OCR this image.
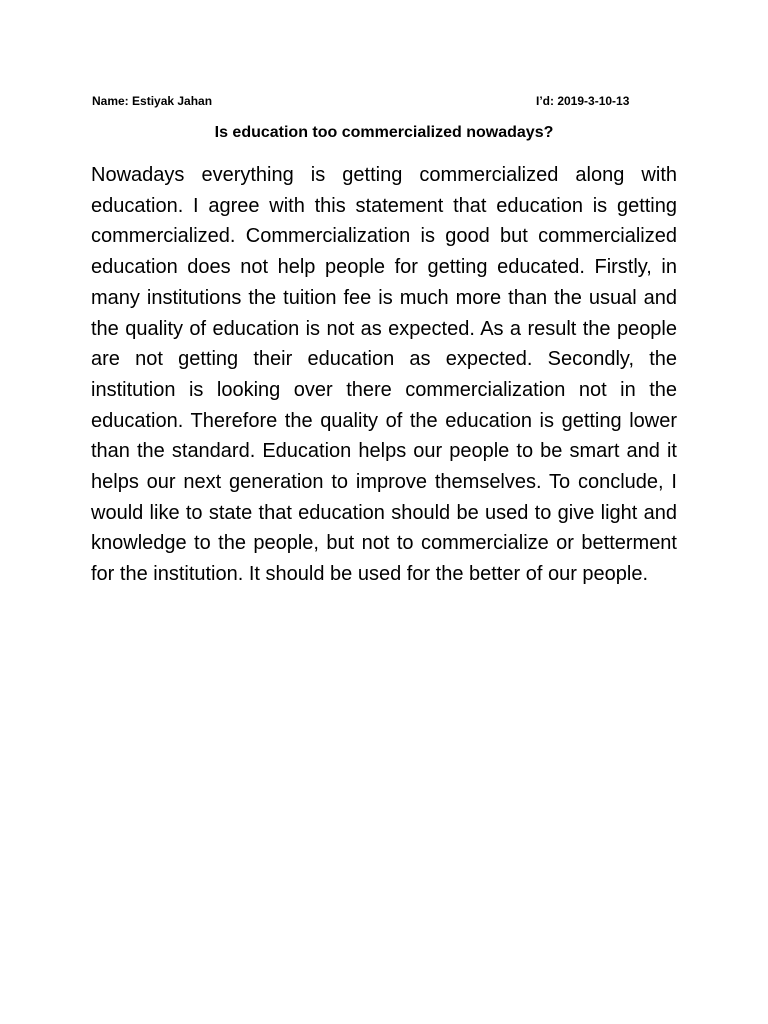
Name: Estiyak Jahan	I’d: 2019-3-10-13
Is education too commercialized nowadays?

Nowadays everything is getting commercialized along with education. I agree with this statement that education is getting commercialized. Commercialization is good but commercialized education does not help people for getting educated. Firstly, in many institutions the tuition fee is much more than the usual and the quality of education is not as expected. As a result the people are not getting their education as expected. Secondly, the institution is looking over there commercialization not in the education. Therefore the quality of the education is getting lower than the standard. Education helps our people to be smart and it helps our next generation to improve themselves. To conclude, I would like to state that education should be used to give light and knowledge to the people, but not to commercialize or betterment for the institution. It should be used for the better of our people.
